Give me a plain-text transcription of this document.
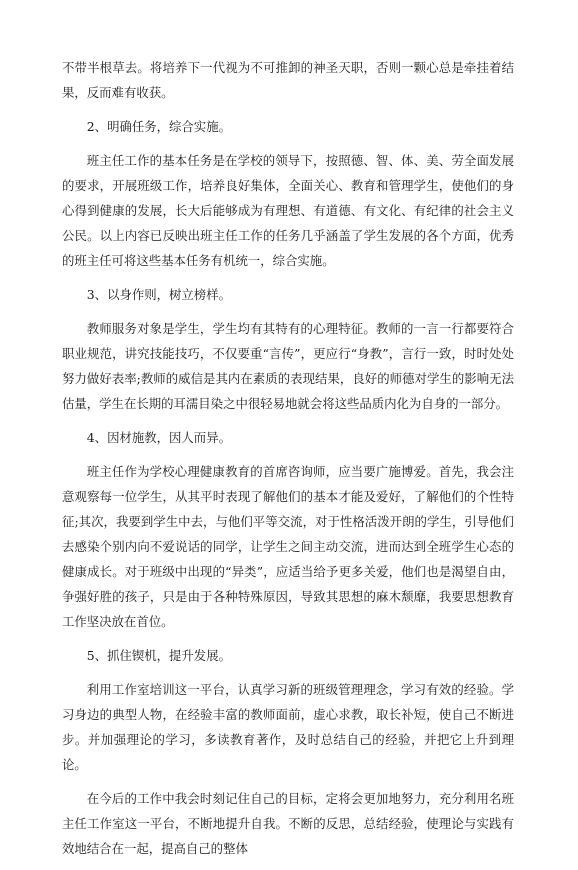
不带半根草去。将培养下一代视为不可推卸的神圣天职，否则一颗心总是牵挂着结果，反而难有收获。

2、明确任务，综合实施。

班主任工作的基本任务是在学校的领导下，按照德、智、体、美、劳全面发展的要求，开展班级工作，培养良好集体，全面关心、教育和管理学生，使他们的身心得到健康的发展，长大后能够成为有理想、有道德、有文化、有纪律的社会主义公民。以上内容已反映出班主任工作的任务几乎涵盖了学生发展的各个方面，优秀的班主任可将这些基本任务有机统一，综合实施。

3、以身作则，树立榜样。

教师服务对象是学生，学生均有其特有的心理特征。教师的一言一行都要符合职业规范，讲究技能技巧，不仅要重“言传”，更应行“身教”，言行一致，时时处处努力做好表率;教师的威信是其内在素质的表现结果，良好的师德对学生的影响无法估量，学生在长期的耳濡目染之中很轻易地就会将这些品质内化为自身的一部分。

4、因材施教，因人而异。

班主任作为学校心理健康教育的首席咨询师，应当要广施博爱。首先，我会注意观察每一位学生，从其平时表现了解他们的基本才能及爱好，了解他们的个性特征;其次，我要到学生中去，与他们平等交流，对于性格活泼开朗的学生，引导他们去感染个别内向不爱说话的同学，让学生之间主动交流，进而达到全班学生心态的健康成长。对于班级中出现的“异类”，应适当给予更多关爱，他们也是渴望自由，争强好胜的孩子，只是由于各种特殊原因，导致其思想的麻木颓靡，我要思想教育工作坚决放在首位。

5、抓住锲机，提升发展。

利用工作室培训这一平台，认真学习新的班级管理理念，学习有效的经验。学习身边的典型人物，在经验丰富的教师面前，虚心求教，取长补短，使自己不断进步。并加强理论的学习，多读教育著作，及时总结自己的经验，并把它上升到理论。

在今后的工作中我会时刻记住自己的目标，定将会更加地努力，充分利用名班主任工作室这一平台，不断地提升自我。不断的反思，总结经验，使理论与实践有效地结合在一起，提高自己的整体
